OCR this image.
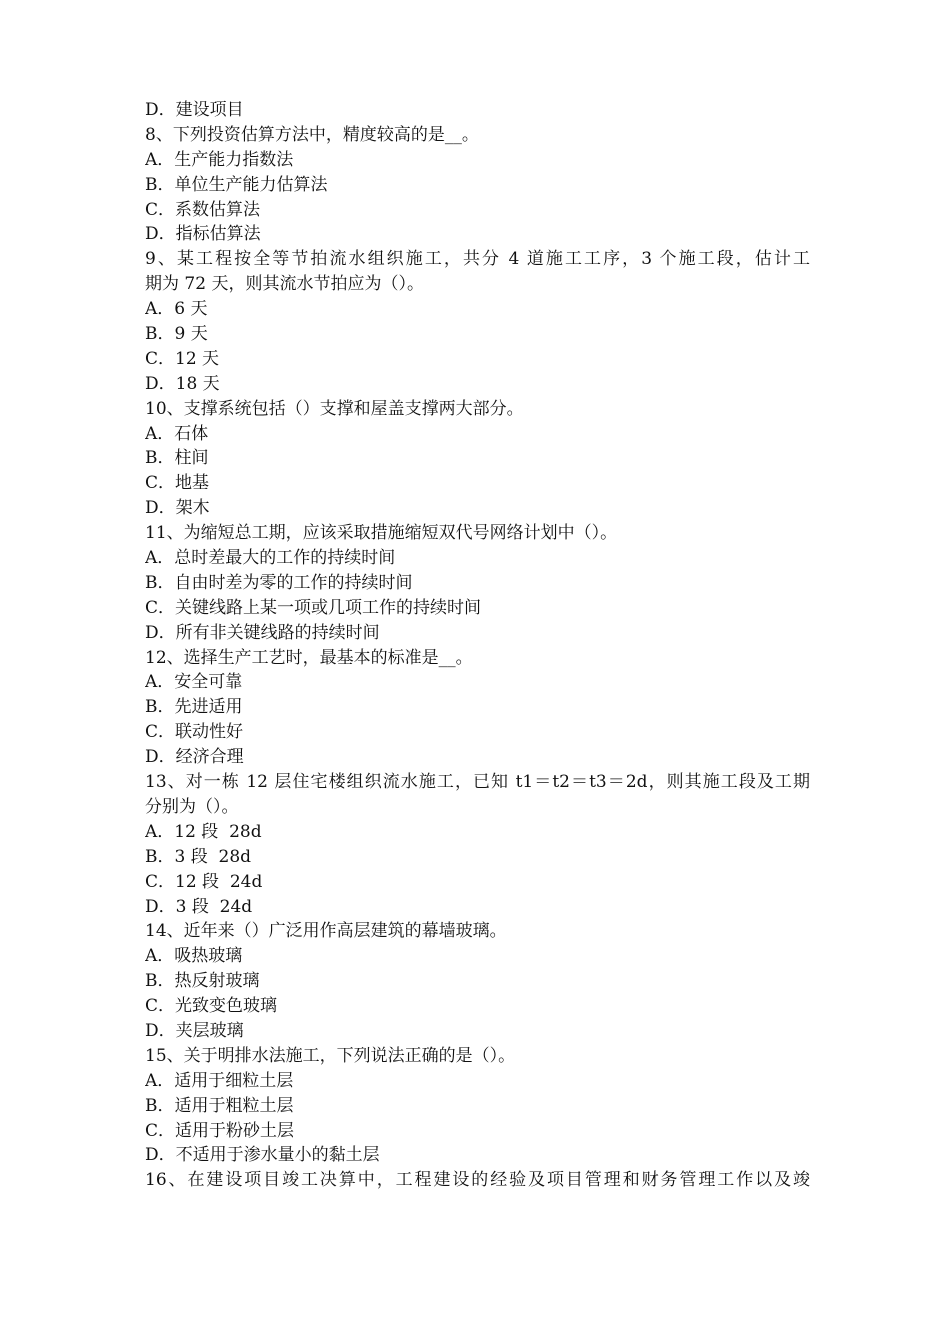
D．建设项目
8、下列投资估算方法中，精度较高的是__。
A．生产能力指数法
B．单位生产能力估算法
C．系数估算法
D．指标估算法
9、某工程按全等节拍流水组织施工，共分 4 道施工工序，3 个施工段，估计工
期为 72 天，则其流水节拍应为（）。
A．6 天
B．9 天
C．12 天
D．18 天
10、支撑系统包括（）支撑和屋盖支撑两大部分。
A．石体
B．柱间
C．地基
D．架木
11、为缩短总工期，应该采取措施缩短双代号网络计划中（）。
A．总时差最大的工作的持续时间
B．自由时差为零的工作的持续时间
C．关键线路上某一项或几项工作的持续时间
D．所有非关键线路的持续时间
12、选择生产工艺时，最基本的标准是__。
A．安全可靠
B．先进适用
C．联动性好
D．经济合理
13、对一栋 12 层住宅楼组织流水施工，已知 t1＝t2＝t3＝2d，则其施工段及工期
分别为（）。
A．12 段  28d
B．3 段  28d
C．12 段  24d
D．3 段  24d
14、近年来（）广泛用作高层建筑的幕墙玻璃。
A．吸热玻璃
B．热反射玻璃
C．光致变色玻璃
D．夹层玻璃
15、关于明排水法施工，下列说法正确的是（）。
A．适用于细粒土层
B．适用于粗粒土层
C．适用于粉砂土层
D．不适用于渗水量小的黏土层
16、在建设项目竣工决算中，工程建设的经验及项目管理和财务管理工作以及竣
